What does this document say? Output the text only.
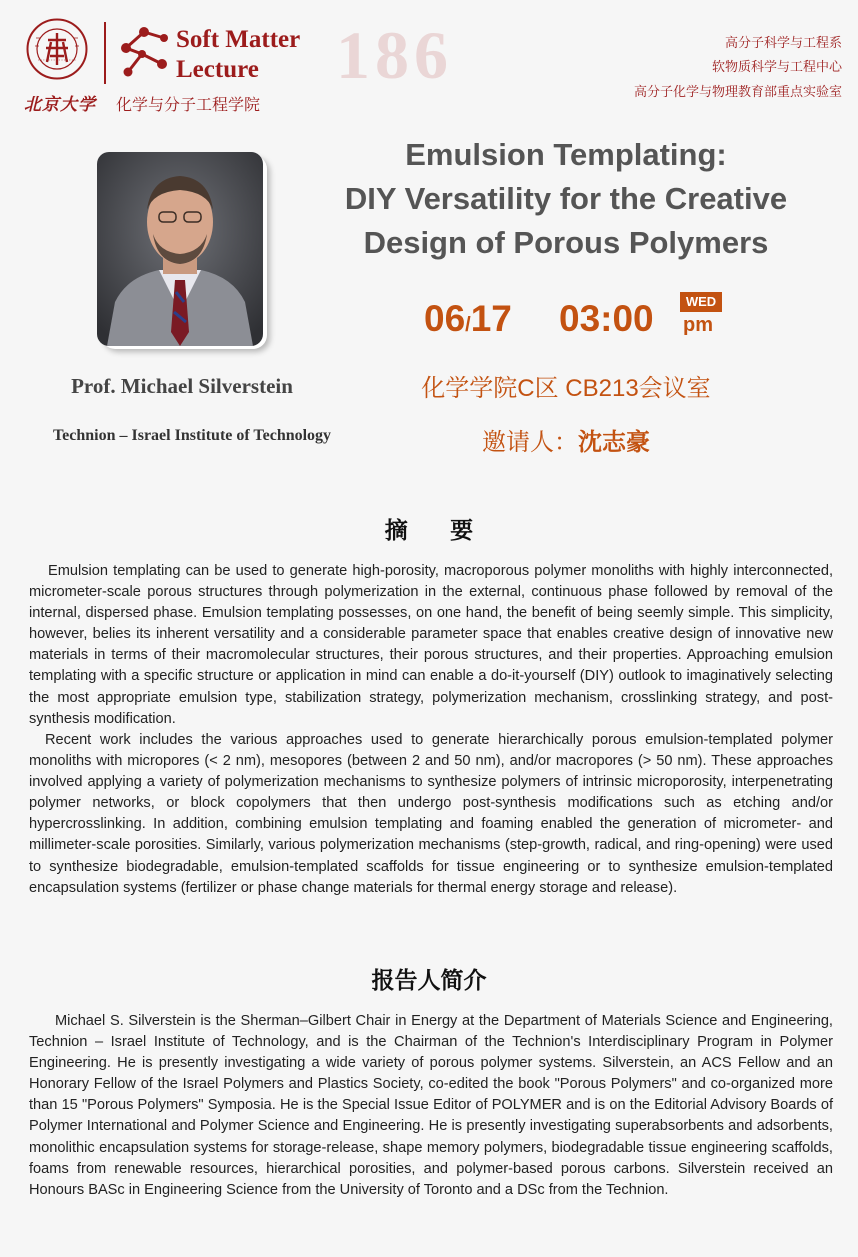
北京大学
Soft Matter
Lecture 186
化学与分子工程学院
高分子科学与工程系
软物质科学与工程中心
高分子化学与物理教育部重点实验室
Prof. Michael Silverstein
Technion – Israel Institute of Technology
Emulsion Templating:
DIY Versatility for the Creative
Design of Porous Polymers
06/17 03:00	WED
pm
化学学院C区 CB213会议室
邀请人：沈志豪
摘 要
Emulsion templating can be used to generate high-porosity, macroporous polymer monoliths with highly interconnected, micrometer-scale porous structures through polymerization in the external, continuous phase followed by removal of the internal, dispersed phase. Emulsion templating possesses, on one hand, the benefit of being seemly simple. This simplicity, however, belies its inherent versatility and a considerable parameter space that enables creative design of innovative new materials in terms of their macromolecular structures, their porous structures, and their properties. Approaching emulsion templating with a specific structure or application in mind can enable a do-it-yourself (DIY) outlook to imaginatively selecting the most appropriate emulsion type, stabilization strategy, polymerization mechanism, crosslinking strategy, and post-synthesis modification.
Recent work includes the various approaches used to generate hierarchically porous emulsion-templated polymer monoliths with micropores (< 2 nm), mesopores (between 2 and 50 nm), and/or macropores (> 50 nm). These approaches involved applying a variety of polymerization mechanisms to synthesize polymers of intrinsic microporosity, interpenetrating polymer networks, or block copolymers that then undergo post-synthesis modifications such as etching and/or hypercrosslinking. In addition, combining emulsion templating and foaming enabled the generation of micrometer- and millimeter-scale porosities. Similarly, various polymerization mechanisms (step-growth, radical, and ring-opening) were used to synthesize biodegradable, emulsion-templated scaffolds for tissue engineering or to synthesize emulsion-templated encapsulation systems (fertilizer or phase change materials for thermal energy storage and release).
报告人简介
Michael S. Silverstein is the Sherman–Gilbert Chair in Energy at the Department of Materials Science and Engineering, Technion – Israel Institute of Technology, and is the Chairman of the Technion's Interdisciplinary Program in Polymer Engineering. He is presently investigating a wide variety of porous polymer systems. Silverstein, an ACS Fellow and an Honorary Fellow of the Israel Polymers and Plastics Society, co-edited the book "Porous Polymers" and co-organized more than 15 "Porous Polymers" Symposia. He is the Special Issue Editor of POLYMER and is on the Editorial Advisory Boards of Polymer International and Polymer Science and Engineering. He is presently investigating superabsorbents and adsorbents, monolithic encapsulation systems for storage-release, shape memory polymers, biodegradable tissue engineering scaffolds, foams from renewable resources, hierarchical porosities, and polymer-based porous carbons. Silverstein received an Honours BASc in Engineering Science from the University of Toronto and a DSc from the Technion.
